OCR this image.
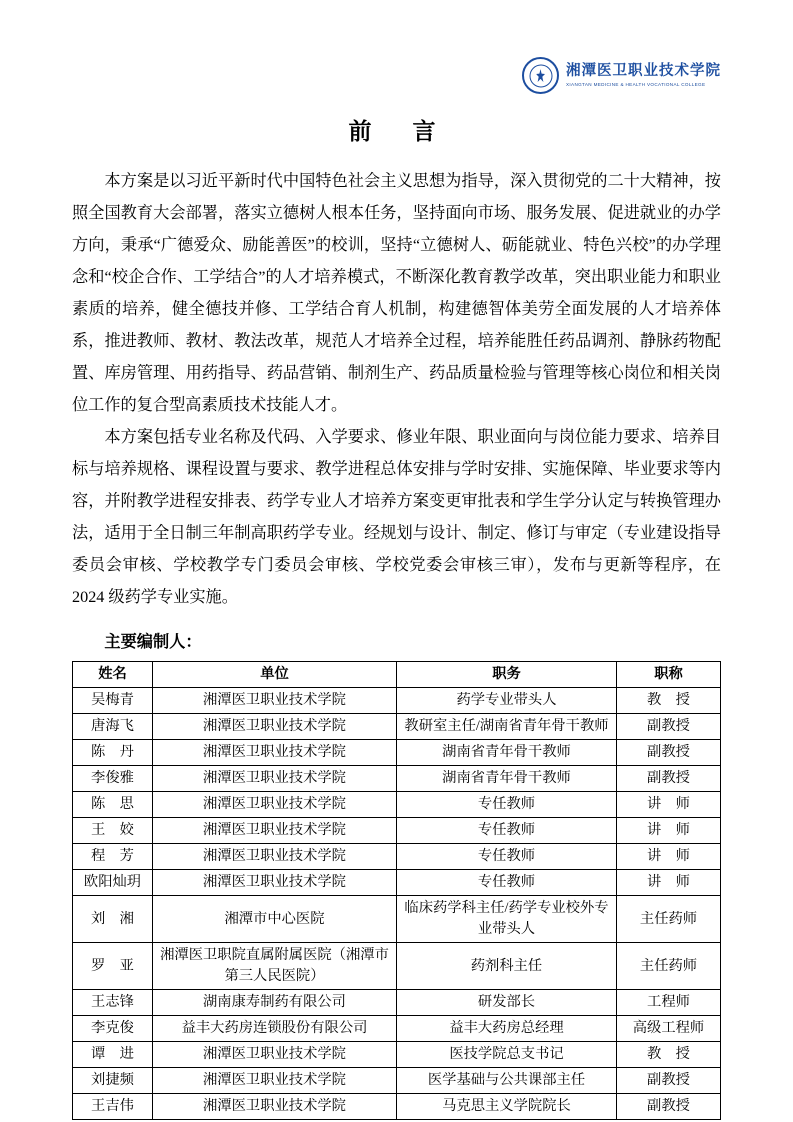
湘潭医卫职业技术学院
XIANGTAN MEDICINE & HEALTH VOCATIONAL COLLEGE
前　言

本方案是以习近平新时代中国特色社会主义思想为指导，深入贯彻党的二十大精神，按照全国教育大会部署，落实立德树人根本任务，坚持面向市场、服务发展、促进就业的办学方向，秉承“广德爱众、励能善医”的校训，坚持“立德树人、砺能就业、特色兴校”的办学理念和“校企合作、工学结合”的人才培养模式，不断深化教育教学改革，突出职业能力和职业素质的培养，健全德技并修、工学结合育人机制，构建德智体美劳全面发展的人才培养体系，推进教师、教材、教法改革，规范人才培养全过程，培养能胜任药品调剂、静脉药物配置、库房管理、用药指导、药品营销、制剂生产、药品质量检验与管理等核心岗位和相关岗位工作的复合型高素质技术技能人才。

本方案包括专业名称及代码、入学要求、修业年限、职业面向与岗位能力要求、培养目标与培养规格、课程设置与要求、教学进程总体安排与学时安排、实施保障、毕业要求等内容，并附教学进程安排表、药学专业人才培养方案变更审批表和学生学分认定与转换管理办法，适用于全日制三年制高职药学专业。经规划与设计、制定、修订与审定（专业建设指导委员会审核、学校教学专门委员会审核、学校党委会审核三审），发布与更新等程序，在 2024 级药学专业实施。

主要编制人：
姓名	单位	职务	职称
吴梅青	湘潭医卫职业技术学院	药学专业带头人	教　授
唐海飞	湘潭医卫职业技术学院	教研室主任/湖南省青年骨干教师	副教授
陈　丹	湘潭医卫职业技术学院	湖南省青年骨干教师	副教授
李俊雅	湘潭医卫职业技术学院	湖南省青年骨干教师	副教授
陈　思	湘潭医卫职业技术学院	专任教师	讲　师
王　姣	湘潭医卫职业技术学院	专任教师	讲　师
程　芳	湘潭医卫职业技术学院	专任教师	讲　师
欧阳灿玥	湘潭医卫职业技术学院	专任教师	讲　师
刘　湘	湘潭市中心医院	临床药学科主任/药学专业校外专业带头人	主任药师
罗　亚	湘潭医卫职院直属附属医院（湘潭市第三人民医院）	药剂科主任	主任药师
王志锋	湖南康寿制药有限公司	研发部长	工程师
李克俊	益丰大药房连锁股份有限公司	益丰大药房总经理	高级工程师
谭　进	湘潭医卫职业技术学院	医技学院总支书记	教　授
刘捷频	湘潭医卫职业技术学院	医学基础与公共课部主任	副教授
王吉伟	湘潭医卫职业技术学院	马克思主义学院院长	副教授
